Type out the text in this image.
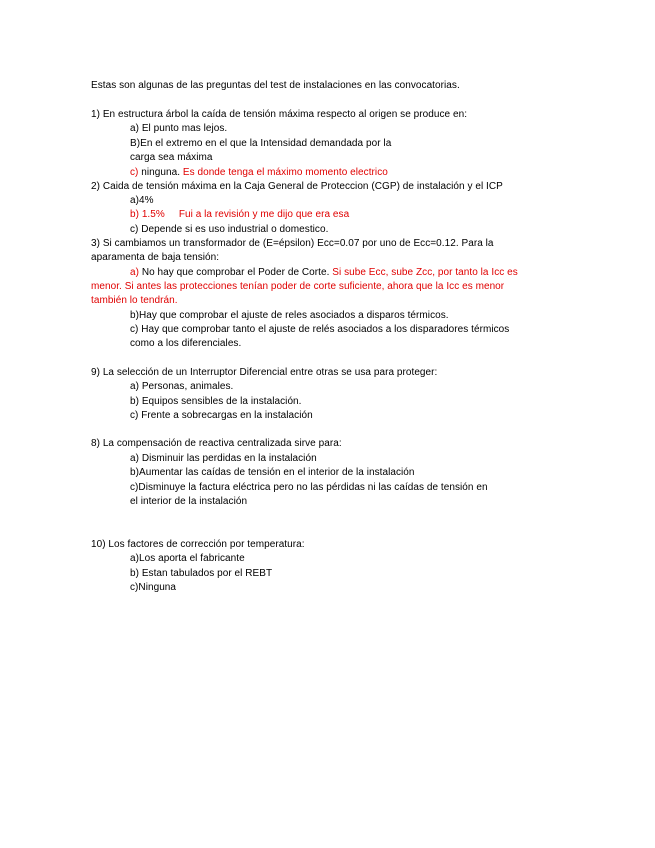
Estas son algunas de las preguntas del test de instalaciones en las convocatorias.
1) En estructura árbol la caída de tensión máxima respecto al origen se produce en:
a) El punto mas lejos.
B)En el extremo en el que la Intensidad demandada por la
carga sea máxima
c) ninguna. Es donde tenga el máximo momento electrico
2) Caida de tensión máxima en la Caja General de Proteccion (CGP) de instalación y el ICP
a)4%
b) 1.5% Fui a la revisión y me dijo que era esa
c) Depende si es uso industrial o domestico.
3) Si cambiamos un transformador de (E=épsilon) Ecc=0.07 por uno de Ecc=0.12. Para la
aparamenta de baja tensión:
a) No hay que comprobar el Poder de Corte. Si sube Ecc, sube Zcc, por tanto la Icc es
menor. Si antes las protecciones tenían poder de corte suficiente, ahora que la Icc es menor
también lo tendrán.
b)Hay que comprobar el ajuste de reles asociados a disparos térmicos.
c) Hay que comprobar tanto el ajuste de relés asociados a los disparadores térmicos
como a los diferenciales.
9) La selección de un Interruptor Diferencial entre otras se usa para proteger:
a) Personas, animales.
b) Equipos sensibles de la instalación.
c) Frente a sobrecargas en la instalación
8) La compensación de reactiva centralizada sirve para:
a) Disminuir las perdidas en la instalación
b)Aumentar las caídas de tensión en el interior de la instalación
c)Disminuye la factura eléctrica pero no las pérdidas ni las caídas de tensión en
el interior de la instalación
10) Los factores de corrección por temperatura:
a)Los aporta el fabricante
b) Estan tabulados por el REBT
c)Ninguna
